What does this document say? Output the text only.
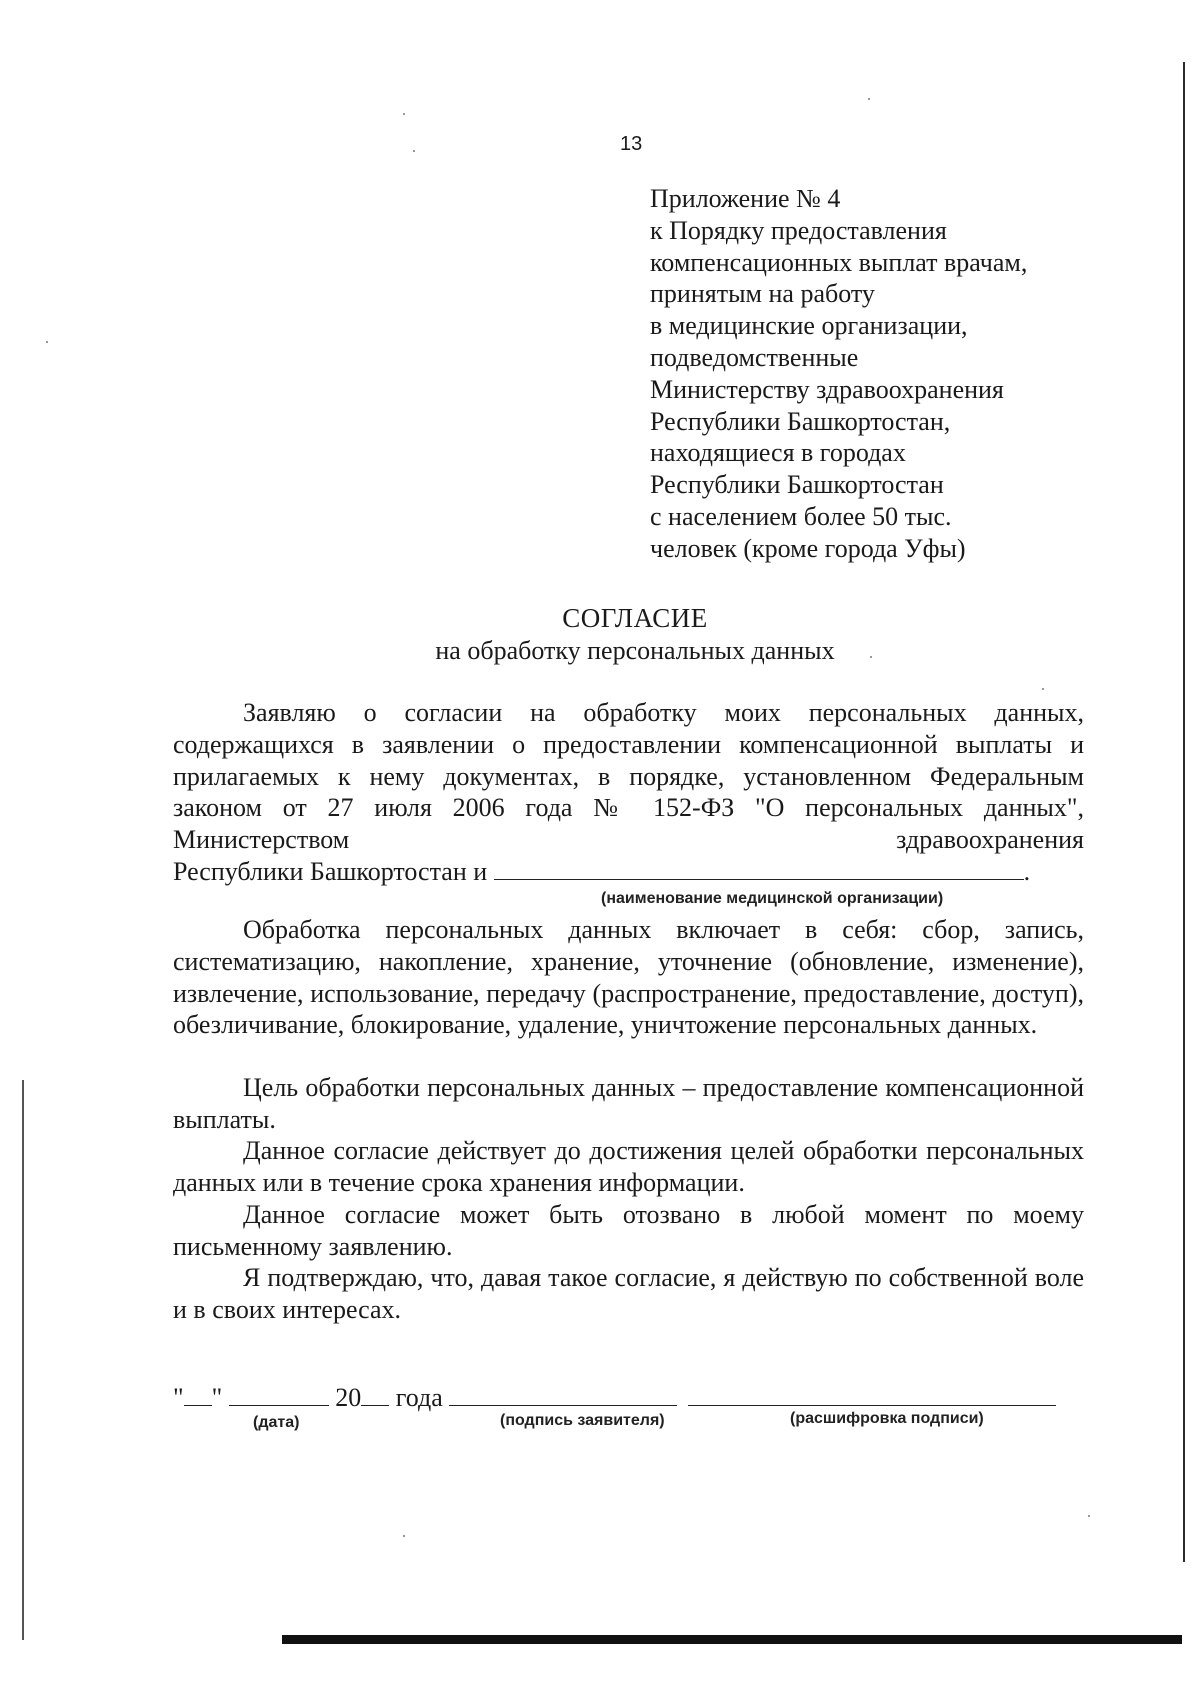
13
Приложение № 4
к Порядку предоставления
компенсационных выплат врачам,
принятым на работу
в медицинские организации,
подведомственные
Министерству здравоохранения
Республики Башкортостан,
находящиеся в городах
Республики Башкортостан
с населением более 50 тыс.
человек (кроме города Уфы)
СОГЛАСИЕ
на обработку персональных данных

Заявляю о согласии на обработку моих персональных данных, содержащихся в заявлении о предоставлении компенсационной выплаты и прилагаемых к нему документах, в порядке, установленном Федеральным законом от 27 июля 2006 года № 152-ФЗ "О персональных данных", Министерством здравоохранения

Республики Башкортостан и	.
(наименование медицинской организации)

Обработка персональных данных включает в себя: сбор, запись, систематизацию, накопление, хранение, уточнение (обновление, изменение), извлечение, использование, передачу (распространение, предоставление, доступ), обезличивание, блокирование, удаление, уничтожение персональных данных.

Цель обработки персональных данных – предоставление компенсационной выплаты.

Данное согласие действует до достижения целей обработки персональных данных или в течение срока хранения информации.

Данное согласие может быть отозвано в любой момент по моему письменному заявлению.

Я подтверждаю, что, давая такое согласие, я действую по собственной воле и в своих интересах.

" "	20 года
(дата)	(подпись заявителя)	(расшифровка подписи)
